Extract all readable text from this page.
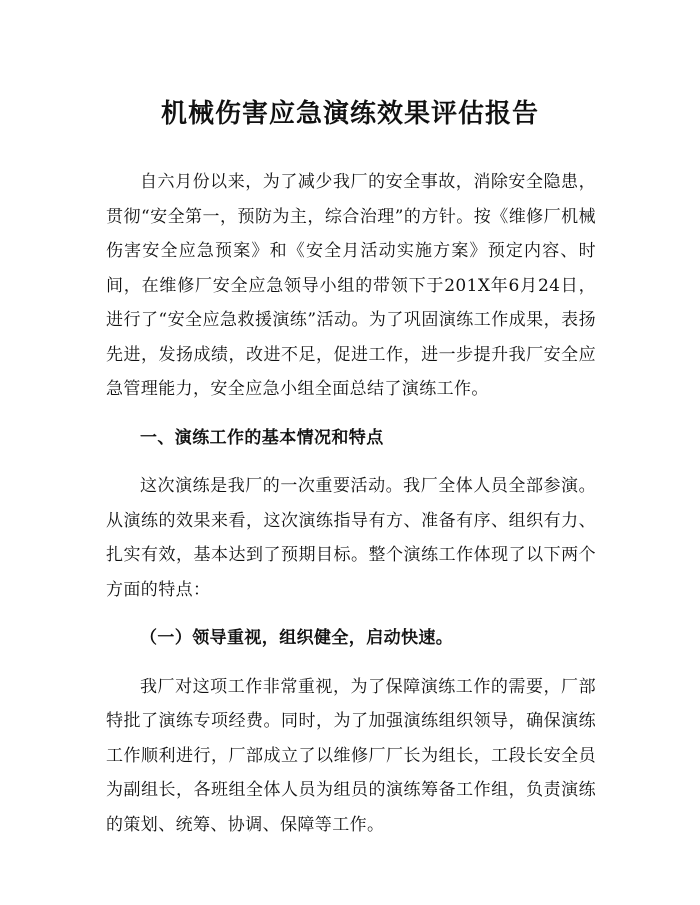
机械伤害应急演练效果评估报告

自六月份以来，为了减少我厂的安全事故，消除安全隐患，贯彻“安全第一，预防为主，综合治理”的方针。按《维修厂机械伤害安全应急预案》和《安全月活动实施方案》预定内容、时间，在维修厂安全应急领导小组的带领下于201X年6月24日，进行了“安全应急救援演练”活动。为了巩固演练工作成果，表扬先进，发扬成绩，改进不足，促进工作，进一步提升我厂安全应急管理能力，安全应急小组全面总结了演练工作。

一、演练工作的基本情况和特点

这次演练是我厂的一次重要活动。我厂全体人员全部参演。从演练的效果来看，这次演练指导有方、准备有序、组织有力、扎实有效，基本达到了预期目标。整个演练工作体现了以下两个方面的特点：

（一）领导重视，组织健全，启动快速。

我厂对这项工作非常重视，为了保障演练工作的需要，厂部特批了演练专项经费。同时，为了加强演练组织领导，确保演练工作顺利进行，厂部成立了以维修厂厂长为组长，工段长安全员为副组长，各班组全体人员为组员的演练筹备工作组，负责演练的策划、统筹、协调、保障等工作。
